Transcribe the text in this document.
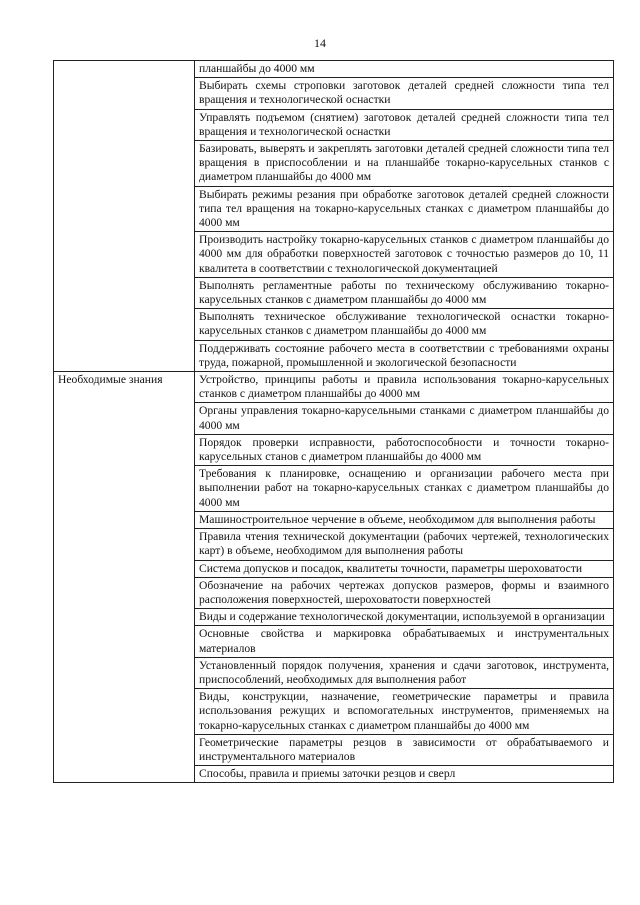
14
	планшайбы до 4000 мм
	Выбирать схемы строповки заготовок деталей средней сложности типа тел вращения и технологической оснастки
	Управлять подъемом (снятием) заготовок деталей средней сложности типа тел вращения и технологической оснастки
	Базировать, выверять и закреплять заготовки деталей средней сложности типа тел вращения в приспособлении и на планшайбе токарно-карусельных станков с диаметром планшайбы до 4000 мм
	Выбирать режимы резания при обработке заготовок деталей средней сложности типа тел вращения на токарно-карусельных станках с диаметром планшайбы до 4000 мм
	Производить настройку токарно-карусельных станков с диаметром планшайбы до 4000 мм для обработки поверхностей заготовок с точностью размеров до 10, 11 квалитета в соответствии с технологической документацией
	Выполнять регламентные работы по техническому обслуживанию токарно-карусельных станков с диаметром планшайбы до 4000 мм
	Выполнять техническое обслуживание технологической оснастки токарно-карусельных станков с диаметром планшайбы до 4000 мм
	Поддерживать состояние рабочего места в соответствии с требованиями охраны труда, пожарной, промышленной и экологической безопасности
Необходимые знания	Устройство, принципы работы и правила использования токарно-карусельных станков с диаметром планшайбы до 4000 мм
	Органы управления токарно-карусельными станками с диаметром планшайбы до 4000 мм
	Порядок проверки исправности, работоспособности и точности токарно-карусельных станов с диаметром планшайбы до 4000 мм
	Требования к планировке, оснащению и организации рабочего места при выполнении работ на токарно-карусельных станках с диаметром планшайбы до 4000 мм
	Машиностроительное черчение в объеме, необходимом для выполнения работы
	Правила чтения технической документации (рабочих чертежей, технологических карт) в объеме, необходимом для выполнения работы
	Система допусков и посадок, квалитеты точности, параметры шероховатости
	Обозначение на рабочих чертежах допусков размеров, формы и взаимного расположения поверхностей, шероховатости поверхностей
	Виды и содержание технологической документации, используемой в организации
	Основные свойства и маркировка обрабатываемых и инструментальных материалов
	Установленный порядок получения, хранения и сдачи заготовок, инструмента, приспособлений, необходимых для выполнения работ
	Виды, конструкции, назначение, геометрические параметры и правила использования режущих и вспомогательных инструментов, применяемых на токарно-карусельных станках с диаметром планшайбы до 4000 мм
	Геометрические параметры резцов в зависимости от обрабатываемого и инструментального материалов
	Способы, правила и приемы заточки резцов и сверл
